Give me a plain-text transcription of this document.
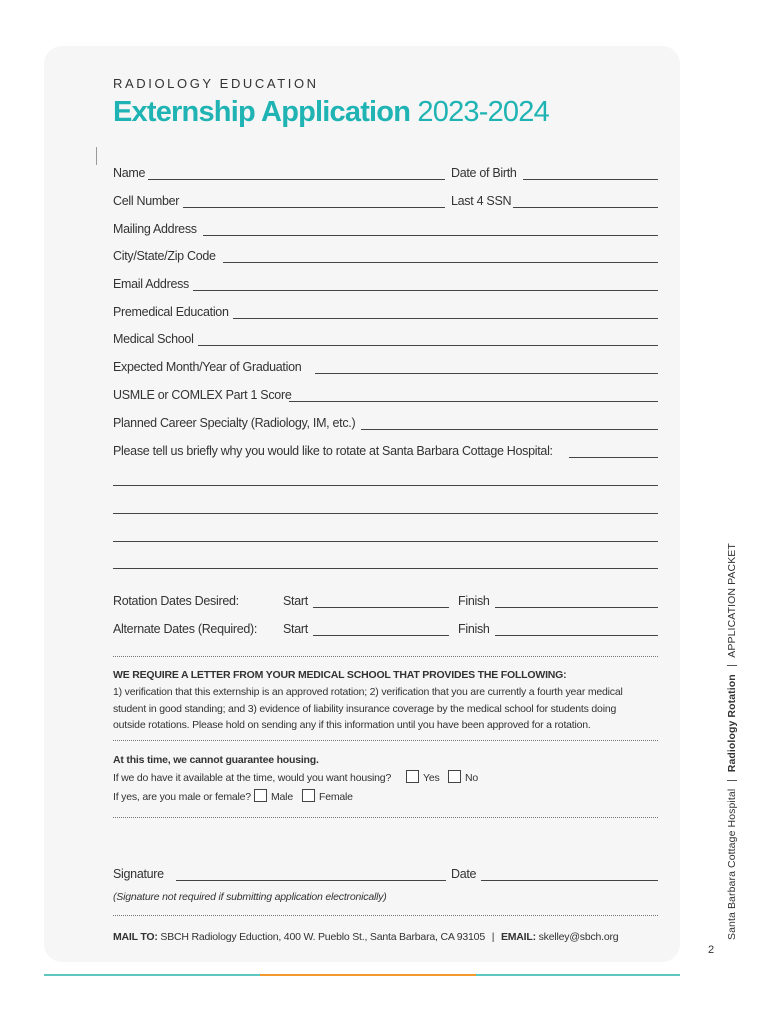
RADIOLOGY EDUCATION
Externship Application 2023-2024
Name	Date of Birth
Cell Number	Last 4 SSN
Mailing Address
City/State/Zip Code
Email Address
Premedical Education
Medical School
Expected Month/Year of Graduation
USMLE or COMLEX Part 1 Score
Planned Career Specialty (Radiology, IM, etc.)
Please tell us briefly why you would like to rotate at Santa Barbara Cottage Hospital:
Rotation Dates Desired:	Start	Finish
Alternate Dates (Required): Start	Finish
WE REQUIRE A LETTER FROM YOUR MEDICAL SCHOOL THAT PROVIDES THE FOLLOWING:
1) verification that this externship is an approved rotation; 2) verification that you are currently a fourth year medical
student in good standing; and 3) evidence of liability insurance coverage by the medical school for students doing
outside rotations. Please hold on sending any if this information until you have been approved for a rotation.
At this time, we cannot guarantee housing.
If we do have it available at the time, would you want housing?	Yes No
If yes, are you male or female? Male Female
Signature	Date
(Signature not required if submitting application electronically)
MAIL TO: SBCH Radiology Eduction, 400 W. Pueblo St., Santa Barbara, CA 93105 | EMAIL: skelley@sbch.org	Santa Barbara Cottage HospitalRadiology RotationAPPLICATION PACKET
2
